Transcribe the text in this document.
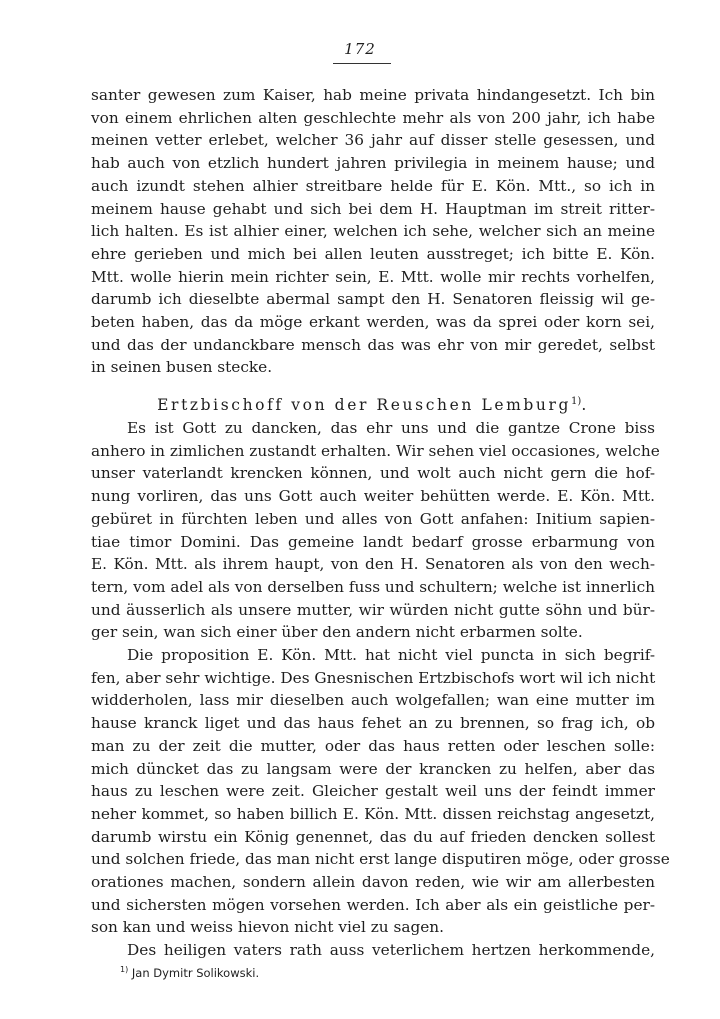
172
santer gewesen zum Kaiser, hab meine privata hindangesetzt. Ich bin
von einem ehrlichen alten geschlechte mehr als von 200 jahr, ich habe
meinen vetter erlebet, welcher 36 jahr auf disser stelle gesessen, und
hab auch von etzlich hundert jahren privilegia in meinem hause; und
auch izundt stehen alhier streitbare helde für E. Kön. Mtt., so ich in
meinem hause gehabt und sich bei dem H. Hauptman im streit ritter-
lich halten. Es ist alhier einer, welchen ich sehe, welcher sich an meine
ehre gerieben und mich bei allen leuten ausstreget; ich bitte E. Kön.
Mtt. wolle hierin mein richter sein, E. Mtt. wolle mir rechts vorhelfen,
darumb ich dieselbte abermal sampt den H. Senatoren fleissig wil ge-
beten haben, das da möge erkant werden, was da sprei oder korn sei,
und das der undanckbare mensch das was ehr von mir geredet, selbst
in seinen busen stecke.
Ertzbischoff von der Reuschen Lemburg$^{1)}$.
Es ist Gott zu dancken, das ehr uns und die gantze Crone biss
anhero in zimlichen zustandt erhalten. Wir sehen viel occasiones, welche
unser vaterlandt krencken können, und wolt auch nicht gern die hof-
nung vorliren, das uns Gott auch weiter behütten werde. E. Kön. Mtt.
gebüret in fürchten leben und alles von Gott anfahen: Initium sapien-
tiae timor Domini. Das gemeine landt bedarf grosse erbarmung von
E. Kön. Mtt. als ihrem haupt, von den H. Senatoren als von den wech-
tern, vom adel als von derselben fuss und schultern; welche ist innerlich
und äusserlich als unsere mutter, wir würden nicht gutte söhn und bür-
ger sein, wan sich einer über den andern nicht erbarmen solte.
Die proposition E. Kön. Mtt. hat nicht viel puncta in sich begrif-
fen, aber sehr wichtige. Des Gnesnischen Ertzbischofs wort wil ich nicht
widderholen, lass mir dieselben auch wolgefallen; wan eine mutter im
hause kranck liget und das haus fehet an zu brennen, so frag ich, ob
man zu der zeit die mutter, oder das haus retten oder leschen solle:
mich düncket das zu langsam were der krancken zu helfen, aber das
haus zu leschen were zeit. Gleicher gestalt weil uns der feindt immer
neher kommet, so haben billich E. Kön. Mtt. dissen reichstag angesetzt,
darumb wirstu ein König genennet, das du auf frieden dencken sollest
und solchen friede, das man nicht erst lange disputiren möge, oder grosse
orationes machen, sondern allein davon reden, wie wir am allerbesten
und sichersten mögen vorsehen werden. Ich aber als ein geistliche per-
son kan und weiss hievon nicht viel zu sagen.
Des heiligen vaters rath auss veterlichem hertzen herkommende,
$^{1)}$ Jan Dymitr Solikowski.
